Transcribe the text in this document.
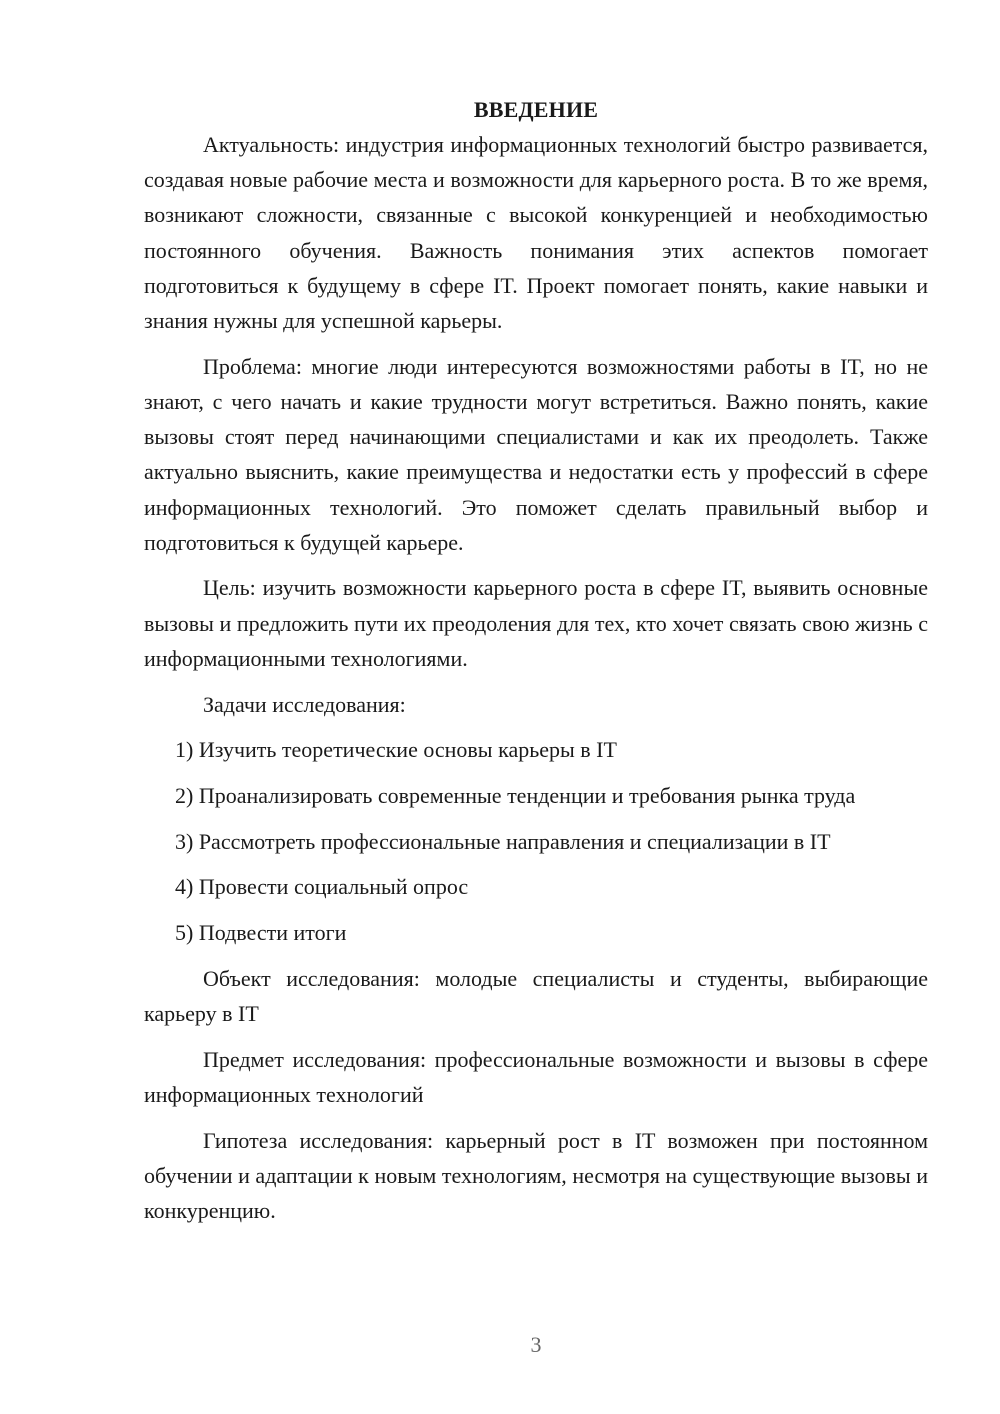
ВВЕДЕНИЕ

Актуальность: индустрия информационных технологий быстро развивается, создавая новые рабочие места и возможности для карьерного роста. В то же время, возникают сложности, связанные с высокой конкуренцией и необходимостью постоянного обучения. Важность понимания этих аспектов помогает подготовиться к будущему в сфере IT. Проект помогает понять, какие навыки и знания нужны для успешной карьеры.

Проблема: многие люди интересуются возможностями работы в IT, но не знают, с чего начать и какие трудности могут встретиться. Важно понять, какие вызовы стоят перед начинающими специалистами и как их преодолеть. Также актуально выяснить, какие преимущества и недостатки есть у профессий в сфере информационных технологий. Это поможет сделать правильный выбор и подготовиться к будущей карьере.

Цель: изучить возможности карьерного роста в сфере IT, выявить основные вызовы и предложить пути их преодоления для тех, кто хочет связать свою жизнь с информационными технологиями.

Задачи исследования:

1) Изучить теоретические основы карьеры в IT

2) Проанализировать современные тенденции и требования рынка труда

3) Рассмотреть профессиональные направления и специализации в IT

4) Провести социальный опрос

5) Подвести итоги

Объект исследования: молодые специалисты и студенты, выбирающие карьеру в IT

Предмет исследования: профессиональные возможности и вызовы в сфере информационных технологий

Гипотеза исследования: карьерный рост в IT возможен при постоянном обучении и адаптации к новым технологиям, несмотря на существующие вызовы и конкуренцию.

3
